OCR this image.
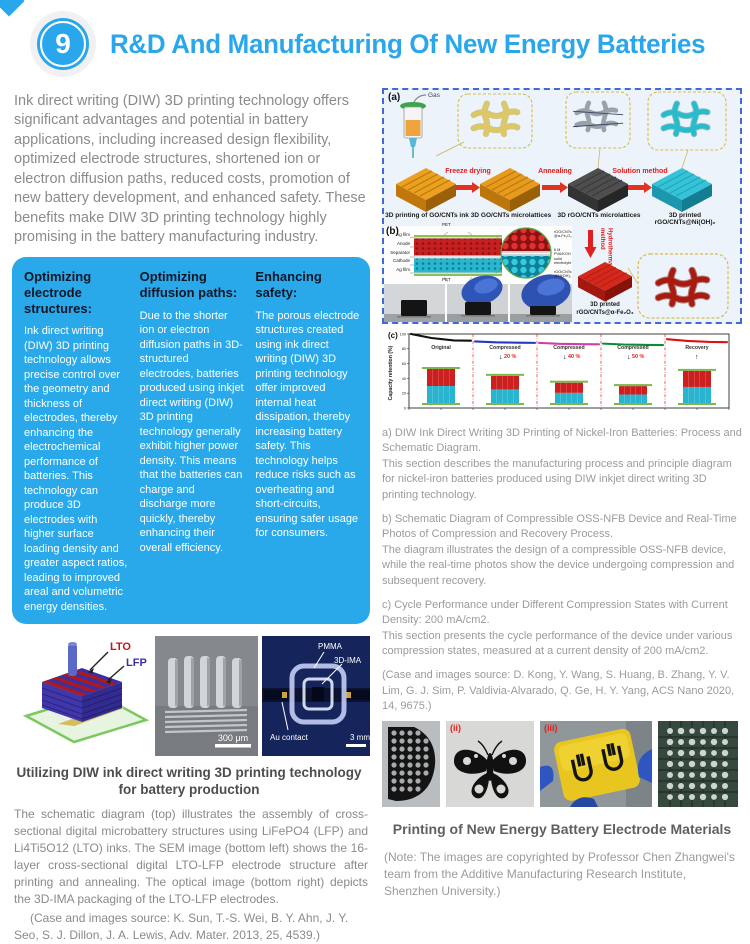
9 R&D And Manufacturing Of New Energy Batteries

Ink direct writing (DIW) 3D printing technology offers significant advantages and potential in battery applications, including increased design flexibility, optimized electrode structures, shortened ion or electron diffusion paths, reduced costs, promotion of new battery development, and enhanced safety. These benefits make DIW 3D printing technology highly promising in the battery manufacturing industry.

Optimizing electrode structures:

Ink direct writing (DIW) 3D printing technology allows precise control over the geometry and thickness of electrodes, thereby enhancing the electrochemical performance of batteries. This technology can produce 3D electrodes with higher surface loading density and greater aspect ratios, leading to improved areal and volumetric energy densities.

Optimizing diffusion paths:

Due to the shorter ion or electron diffusion paths in 3D-structured electrodes, batteries produced using inkjet direct writing (DIW) 3D printing technology generally exhibit higher power density. This means that the batteries can charge and discharge more quickly, thereby enhancing their overall efficiency.

Enhancing safety:

The porous electrode structures created using ink direct writing (DIW) 3D printing technology offer improved internal heat dissipation, thereby increasing battery safety. This technology helps reduce risks such as overheating and short-circuits, ensuring safer usage for consumers.

LTO
LFP
300 μm
PMMA
3D-IMA
Au contact	3 mm
Utilizing DIW ink direct writing 3D printing technology for battery production

The schematic diagram (top) illustrates the assembly of cross-sectional digital microbattery structures using LiFePO4 (LFP) and Li4Ti5O12 (LTO) inks. The SEM image (bottom left) shows the 16-layer cross-sectional digital LTO-LFP electrode structure after printing and annealing. The optical image (bottom right) depicts the 3D-IMA packaging of the LTO-LFP electrodes.

(Case and images source: K. Sun, T.-S. Wei, B. Y. Ahn, J. Y. Seo, S. J. Dillon, J. A. Lewis, Adv. Mater. 2013, 25, 4539.)

(a)	Gas
Freeze drying	Annealing	Solution method
3D printing of GO/CNTs ink 3D GO/CNTs microlattices 3D rGO/CNTs microlattices	3D printed rGO/CNTs@Ni(OH)₂
(b)
PET
Ag film
Anode
Separator
Cathode
Ag film
PET
rGO/CNTs @α-Fe₂O₃
6 M PVA/KOH solid electrolyte
rGO/CNTs @Ni(OH)₂
Hydrothermal method
3D printed
rGO/CNTs@α-Fe₂O₃
(c)
Capacity retention (%)
0
20
40
60
80
100
Original	Compressed
↓ 20 %
Compressed
↓ 40 %
Compressed
↓ 50 %
Recovery
↑
a) DIW Ink Direct Writing 3D Printing of Nickel-Iron Batteries: Process and Schematic Diagram.
This section describes the manufacturing process and principle diagram for nickel-iron batteries produced using DIW inkjet direct writing 3D printing technology.
b) Schematic Diagram of Compressible OSS-NFB Device and Real-Time Photos of Compression and Recovery Process.
The diagram illustrates the design of a compressible OSS-NFB device, while the real-time photos show the device undergoing compression and subsequent recovery.
c) Cycle Performance under Different Compression States with Current Density: 200 mA/cm2.
This section presents the cycle performance of the device under various compression states, measured at a current density of 200 mA/cm2.

(Case and images source: D. Kong, Y. Wang, S. Huang, B. Zhang, Y. V. Lim, G. J. Sim, P. Valdivia-Alvarado, Q. Ge, H. Y. Yang, ACS Nano 2020, 14, 9675.)

(ii)	(iii)
Printing of New Energy Battery Electrode Materials

(Note: The images are copyrighted by Professor Chen Zhangwei's team from the Additive Manufacturing Research Institute, Shenzhen University.)
